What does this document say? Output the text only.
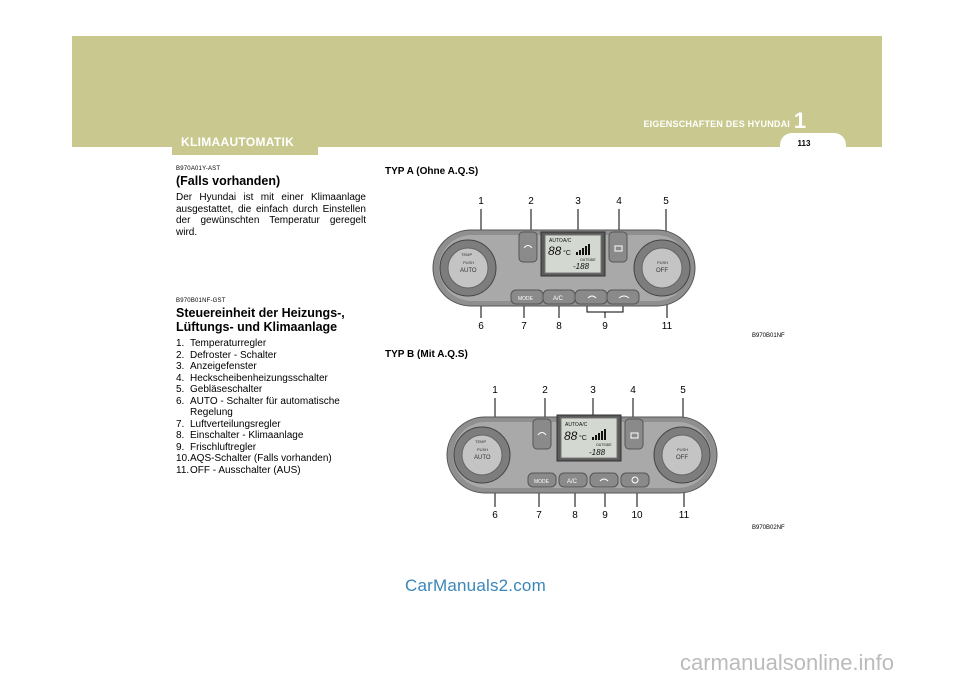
1
EIGENSCHAFTEN DES HYUNDAI
113
KLIMAAUTOMATIK
B970A01Y-AST
(Falls vorhanden)
Der Hyundai ist mit einer Klimaanlage ausgestattet, die einfach durch Einstellen der gewünschten Temperatur geregelt wird.
B970B01NF-GST
Steuereinheit der Heizungs-, Lüftungs- und Klimaanlage
1. Temperaturregler
2. Defroster - Schalter
3. Anzeigefenster
4. Heckscheibenheizungsschalter
5. Gebläseschalter
6. AUTO - Schalter für automatische Regelung
7. Luftverteilungsregler
8. Einschalter - Klimaanlage
9. Frischluftregler
10. AQS-Schalter (Falls vorhanden)
11. OFF - Ausschalter (AUS)
TYP A (Ohne A.Q.S)
B970B01NF
1	2	3	4	5
6	7	8	9	11
TEMP
PUSH
AUTO
PUSH
OFF
AUTO A/C
88 °C
OUTSIDE
-188
MODE	A/C
TYP B (Mit A.Q.S)
B970B02NF
1	2	3	4	5
6	7	8	9	10	11
TEMP
PUSH
AUTO
PUSH
OFF
AUTO A/C
88 °C
OUTSIDE
-188
MODE	A/C
CarManuals2.com
carmanualsonline.info
